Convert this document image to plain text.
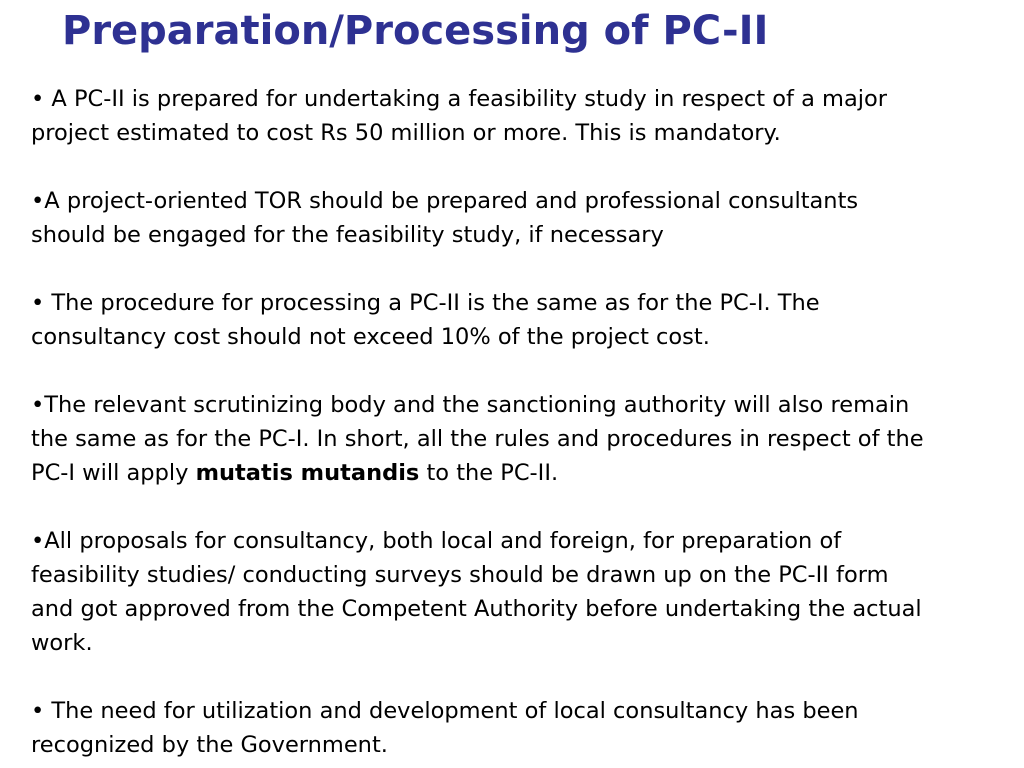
Preparation/Processing of PC-II

• A PC-II is prepared for undertaking a feasibility study in respect of a major
project estimated to cost Rs 50 million or more. This is mandatory.

•A project-oriented TOR should be prepared and professional consultants
should be engaged for the feasibility study, if necessary

• The procedure for processing a PC-II is the same as for the PC-I. The
consultancy cost should not exceed 10% of the project cost.

•The relevant scrutinizing body and the sanctioning authority will also remain
the same as for the PC-I. In short, all the rules and procedures in respect of the
PC-I will apply mutatis mutandis to the PC-II.

•All proposals for consultancy, both local and foreign, for preparation of
feasibility studies/ conducting surveys should be drawn up on the PC-II form
and got approved from the Competent Authority before undertaking the actual
work.

• The need for utilization and development of local consultancy has been
recognized by the Government.
